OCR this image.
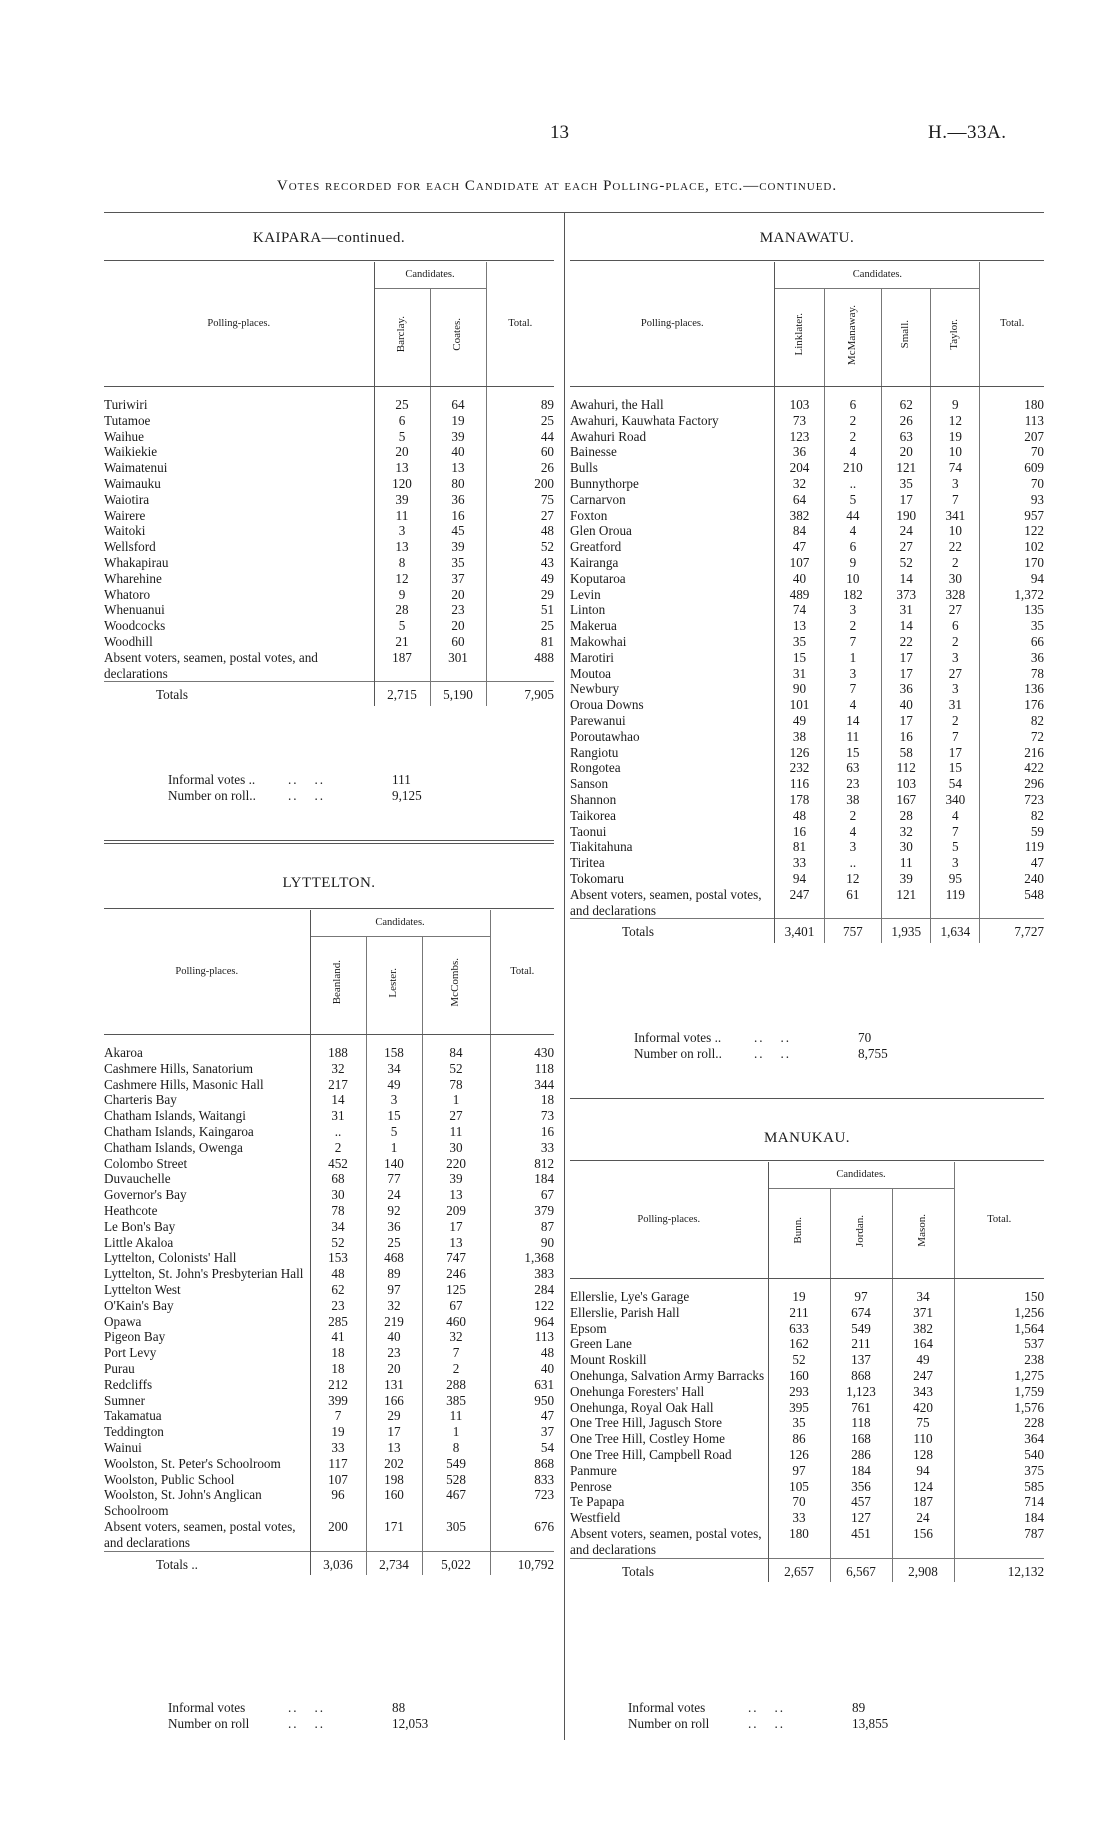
13	H.—33A.
Votes recorded for each Candidate at each Polling-place, etc.—continued.
KAIPARA—continued.
Polling-places.	Candidates.		Total.
	Barclay.	Coates.	
Turiwiri	25	64	89
Tutamoe	6	19	25
Waihue	5	39	44
Waikiekie	20	40	60
Waimatenui	13	13	26
Waimauku	120	80	200
Waiotira	39	36	75
Wairere	11	16	27
Waitoki	3	45	48
Wellsford	13	39	52
Whakapirau	8	35	43
Wharehine	12	37	49
Whatoro	9	20	29
Whenuanui	28	23	51
Woodcocks	5	20	25
Woodhill	21	60	81
Absent voters, seamen, postal votes, and declarations	187	301	488
Totals	2,715	5,190	7,905
Informal votes ..	..   ..	111
Number on roll..	..   ..	9,125
LYTTELTON.
Polling-places.	Candidates.			Total.
	Beanland.	Lester.	McCombs.	
Akaroa	188	158	84	430
Cashmere Hills, Sanatorium	32	34	52	118
Cashmere Hills, Masonic Hall	217	49	78	344
Charteris Bay	14	3	1	18
Chatham Islands, Waitangi	31	15	27	73
Chatham Islands, Kaingaroa	..	5	11	16
Chatham Islands, Owenga	2	1	30	33
Colombo Street	452	140	220	812
Duvauchelle	68	77	39	184
Governor's Bay	30	24	13	67
Heathcote	78	92	209	379
Le Bon's Bay	34	36	17	87
Little Akaloa	52	25	13	90
Lyttelton, Colonists' Hall	153	468	747	1,368
Lyttelton, St. John's Presbyterian Hall	48	89	246	383
Lyttelton West	62	97	125	284
O'Kain's Bay	23	32	67	122
Opawa	285	219	460	964
Pigeon Bay	41	40	32	113
Port Levy	18	23	7	48
Purau	18	20	2	40
Redcliffs	212	131	288	631
Sumner	399	166	385	950
Takamatua	7	29	11	47
Teddington	19	17	1	37
Wainui	33	13	8	54
Woolston, St. Peter's Schoolroom	117	202	549	868
Woolston, Public School	107	198	528	833
Woolston, St. John's Anglican Schoolroom	96	160	467	723
Absent voters, seamen, postal votes, and declarations	200	171	305	676
Totals ..	3,036	2,734	5,022	10,792
Informal votes	..   ..	88
Number on roll	..   ..	12,053
MANAWATU.
Polling-places.	Candidates.				Total.
	Linklater.	McManaway.	Small.	Taylor.	
Awahuri, the Hall	103	6	62	9	180
Awahuri, Kauwhata Factory	73	2	26	12	113
Awahuri Road	123	2	63	19	207
Bainesse	36	4	20	10	70
Bulls	204	210	121	74	609
Bunnythorpe	32	..	35	3	70
Carnarvon	64	5	17	7	93
Foxton	382	44	190	341	957
Glen Oroua	84	4	24	10	122
Greatford	47	6	27	22	102
Kairanga	107	9	52	2	170
Koputaroa	40	10	14	30	94
Levin	489	182	373	328	1,372
Linton	74	3	31	27	135
Makerua	13	2	14	6	35
Makowhai	35	7	22	2	66
Marotiri	15	1	17	3	36
Moutoa	31	3	17	27	78
Newbury	90	7	36	3	136
Oroua Downs	101	4	40	31	176
Parewanui	49	14	17	2	82
Poroutawhao	38	11	16	7	72
Rangiotu	126	15	58	17	216
Rongotea	232	63	112	15	422
Sanson	116	23	103	54	296
Shannon	178	38	167	340	723
Taikorea	48	2	28	4	82
Taonui	16	4	32	7	59
Tiakitahuna	81	3	30	5	119
Tiritea	33	..	11	3	47
Tokomaru	94	12	39	95	240
Absent voters, seamen, postal votes, and declarations	247	61	121	119	548
Totals	3,401	757	1,935	1,634	7,727
Informal votes ..	..   ..	70
Number on roll..	..   ..	8,755
MANUKAU.
Polling-places.	Candidates.			Total.
	Bunn.	Jordan.	Mason.	
Ellerslie, Lye's Garage	19	97	34	150
Ellerslie, Parish Hall	211	674	371	1,256
Epsom	633	549	382	1,564
Green Lane	162	211	164	537
Mount Roskill	52	137	49	238
Onehunga, Salvation Army Barracks	160	868	247	1,275
Onehunga Foresters' Hall	293	1,123	343	1,759
Onehunga, Royal Oak Hall	395	761	420	1,576
One Tree Hill, Jagusch Store	35	118	75	228
One Tree Hill, Costley Home	86	168	110	364
One Tree Hill, Campbell Road	126	286	128	540
Panmure	97	184	94	375
Penrose	105	356	124	585
Te Papapa	70	457	187	714
Westfield	33	127	24	184
Absent voters, seamen, postal votes, and declarations	180	451	156	787
Totals	2,657	6,567	2,908	12,132
Informal votes	..   ..	89
Number on roll	..   ..	13,855
